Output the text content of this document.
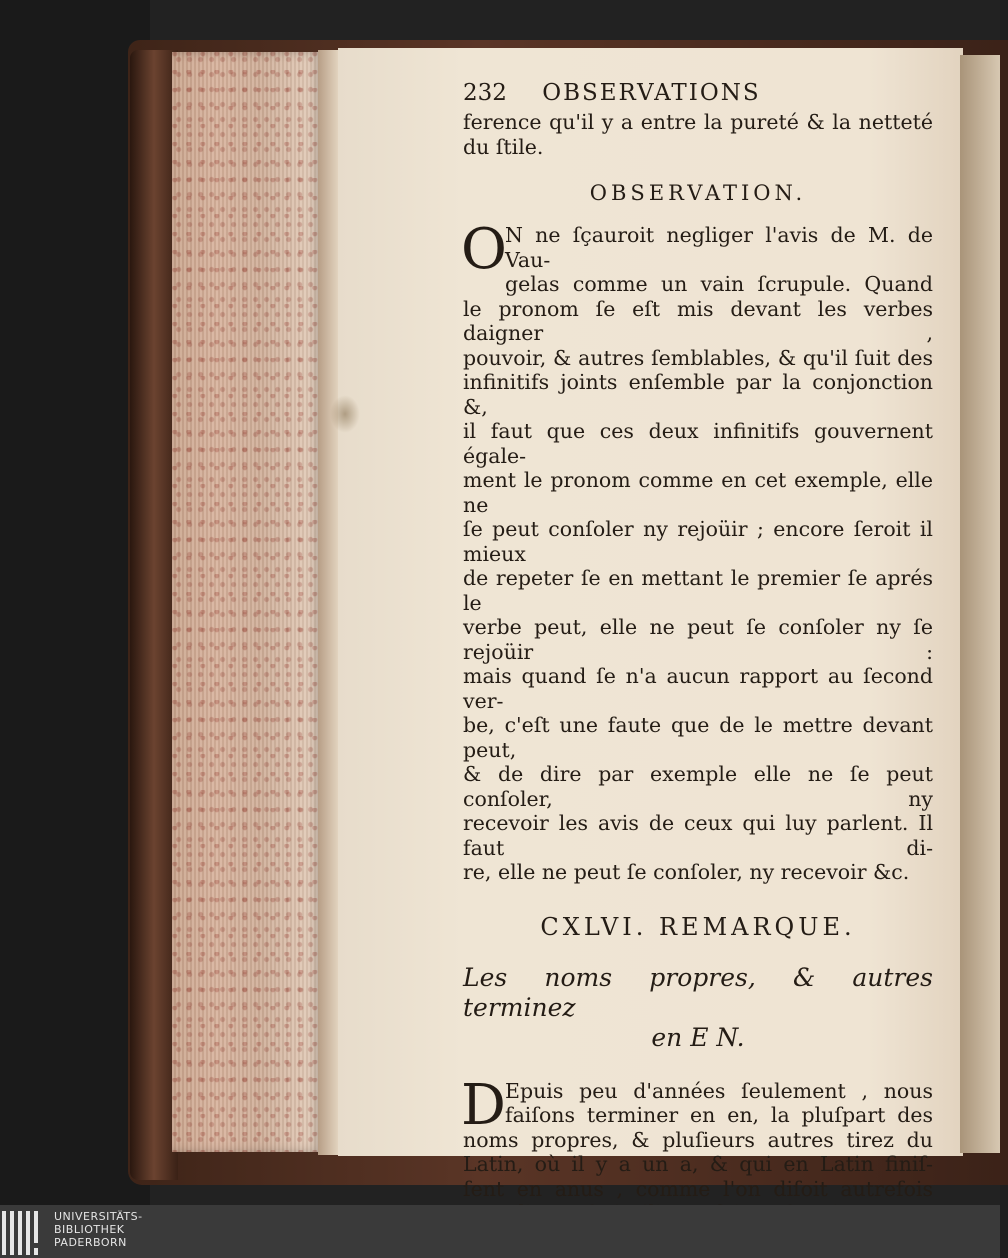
232 OBSERVATIONS
ference qu'il y a entre la pureté & la netteté
du ſtile.
OBSERVATION.
O
N ne ſçauroit negliger l'avis de M. de Vau-
gelas comme un vain ſcrupule. Quand
le pronom ſe eſt mis devant les verbes daigner ,
pouvoir, & autres ſemblables, & qu'il ſuit des
infinitifs joints enſemble par la conjonction &,
il faut que ces deux infinitifs gouvernent égale-
ment le pronom comme en cet exemple, elle ne
ſe peut conſoler ny rejoüir ; encore ſeroit il mieux
de repeter ſe en mettant le premier ſe aprés le
verbe peut, elle ne peut ſe conſoler ny ſe rejoüir :
mais quand ſe n'a aucun rapport au ſecond ver-
be, c'eſt une faute que de le mettre devant peut,
& de dire par exemple elle ne ſe peut conſoler, ny
recevoir les avis de ceux qui luy parlent. Il faut di-
re, elle ne peut ſe conſoler, ny recevoir &c.
CXLVI. REMARQUE.
Les noms propres, & autres terminez
en E N.
D Epuis peu d'années ſeulement , nous
faiſons terminer en en, la pluſpart des
noms propres, & pluſieurs autres tirez du
Latin, où il y a un a, & qui en Latin finiſ-
ſent en anus , comme l'on diſoit autrefois
UNIVERSITÄTS-
BIBLIOTHEK
PADERBORN
